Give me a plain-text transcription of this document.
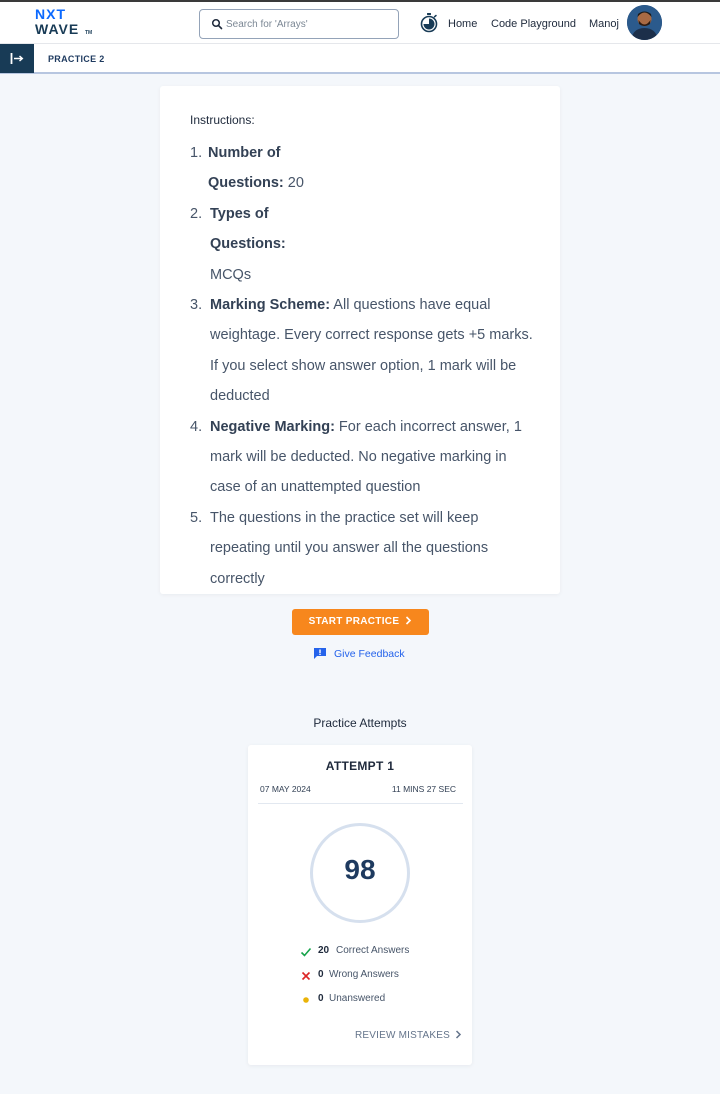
NXT
WAVE TM
Search for 'Arrays'
Home Code Playground Manoj
PRACTICE 2
Instructions:
1. Number of Questions: 20
2. Types of Questions: MCQs
3. Marking Scheme: All questions have equal weightage. Every correct response gets +5 marks. If you select show answer option, 1 mark will be deducted
4. Negative Marking: For each incorrect answer, 1 mark will be deducted. No negative marking in case of an unattempted question
5. The questions in the practice set will keep repeating until you answer all the questions correctly
START PRACTICE
Give Feedback
Practice Attempts
ATTEMPT 1
07 MAY 2024	11 MINS 27 SEC
98
20 Correct Answers
0 Wrong Answers
0 Unanswered
REVIEW MISTAKES
